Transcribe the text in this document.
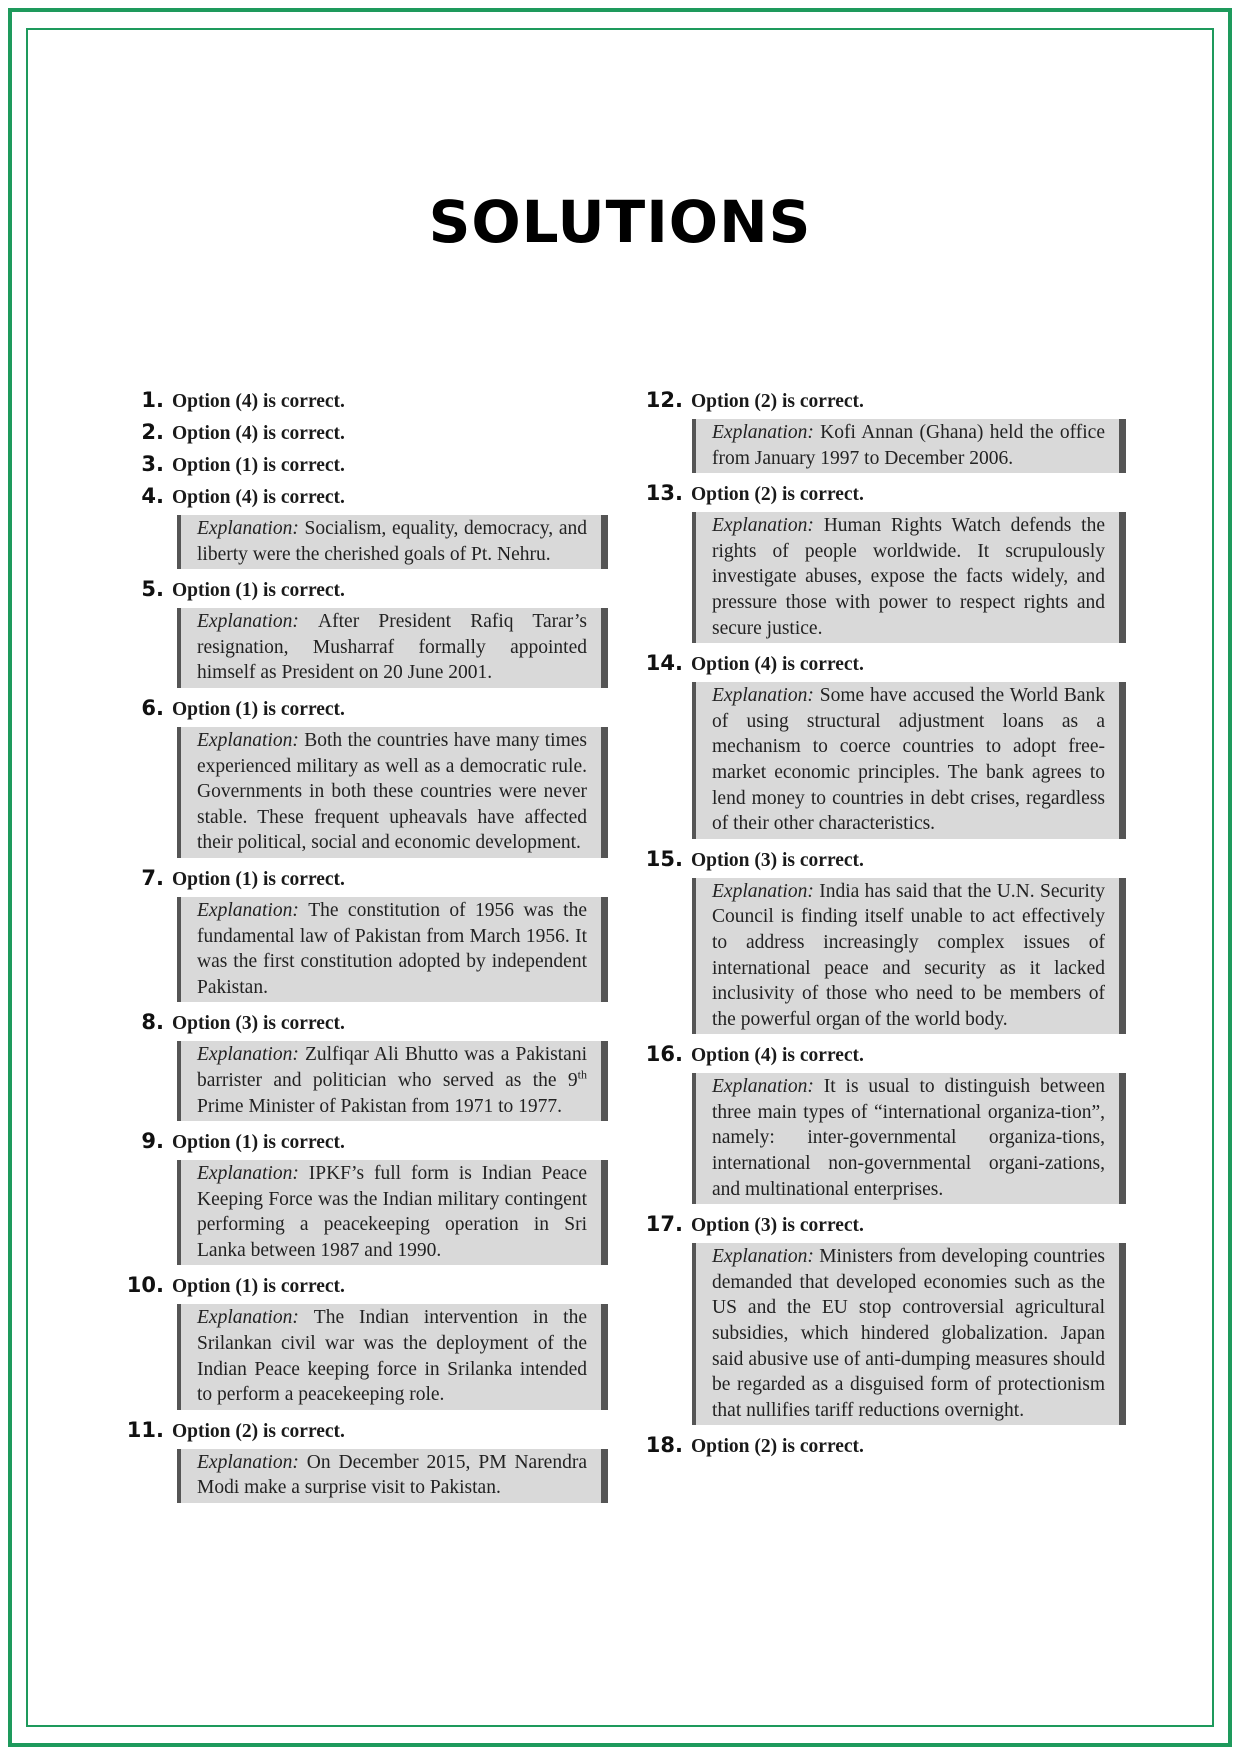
SOLUTIONS
1. Option (4) is correct.
2. Option (4) is correct.
3. Option (1) is correct.
4. Option (4) is correct.
Explanation: Socialism, equality, democracy, and liberty were the cherished goals of Pt. Nehru.
5. Option (1) is correct.
Explanation: After President Rafiq Tarar’s resignation, Musharraf formally appointed himself as President on 20 June 2001.
6. Option (1) is correct.
Explanation: Both the countries have many times experienced military as well as a democratic rule. Governments in both these countries were never stable. These frequent upheavals have affected their political, social and economic development.
7. Option (1) is correct.
Explanation: The constitution of 1956 was the fundamental law of Pakistan from March 1956. It was the first constitution adopted by independent Pakistan.
8. Option (3) is correct.
Explanation: Zulfiqar Ali Bhutto was a Pakistani barrister and politician who served as the 9th Prime Minister of Pakistan from 1971 to 1977.
9. Option (1) is correct.
Explanation: IPKF’s full form is Indian Peace Keeping Force was the Indian military contingent performing a peacekeeping operation in Sri Lanka between 1987 and 1990.
10. Option (1) is correct.
Explanation: The Indian intervention in the Srilankan civil war was the deployment of the Indian Peace keeping force in Srilanka intended to perform a peacekeeping role.
11. Option (2) is correct.
Explanation: On December 2015, PM Narendra Modi make a surprise visit to Pakistan.
12. Option (2) is correct.
Explanation: Kofi Annan (Ghana) held the office from January 1997 to December 2006.
13. Option (2) is correct.
Explanation: Human Rights Watch defends the rights of people worldwide. It scrupulously investigate abuses, expose the facts widely, and pressure those with power to respect rights and secure justice.
14. Option (4) is correct.
Explanation: Some have accused the World Bank of using structural adjustment loans as a mechanism to coerce countries to adopt free-market economic principles. The bank agrees to lend money to countries in debt crises, regardless of their other characteristics.
15. Option (3) is correct.
Explanation: India has said that the U.N. Security Council is finding itself unable to act effectively to address increasingly complex issues of international peace and security as it lacked inclusivity of those who need to be members of the powerful organ of the world body.
16. Option (4) is correct.
Explanation: It is usual to distinguish between three main types of “international organiza-tion”, namely: inter-governmental organiza-tions, international non-governmental organi-zations, and multinational enterprises.
17. Option (3) is correct.
Explanation: Ministers from developing countries demanded that developed economies such as the US and the EU stop controversial agricultural subsidies, which hindered globalization. Japan said abusive use of anti-dumping measures should be regarded as a disguised form of protectionism that nullifies tariff reductions overnight.
18. Option (2) is correct.
